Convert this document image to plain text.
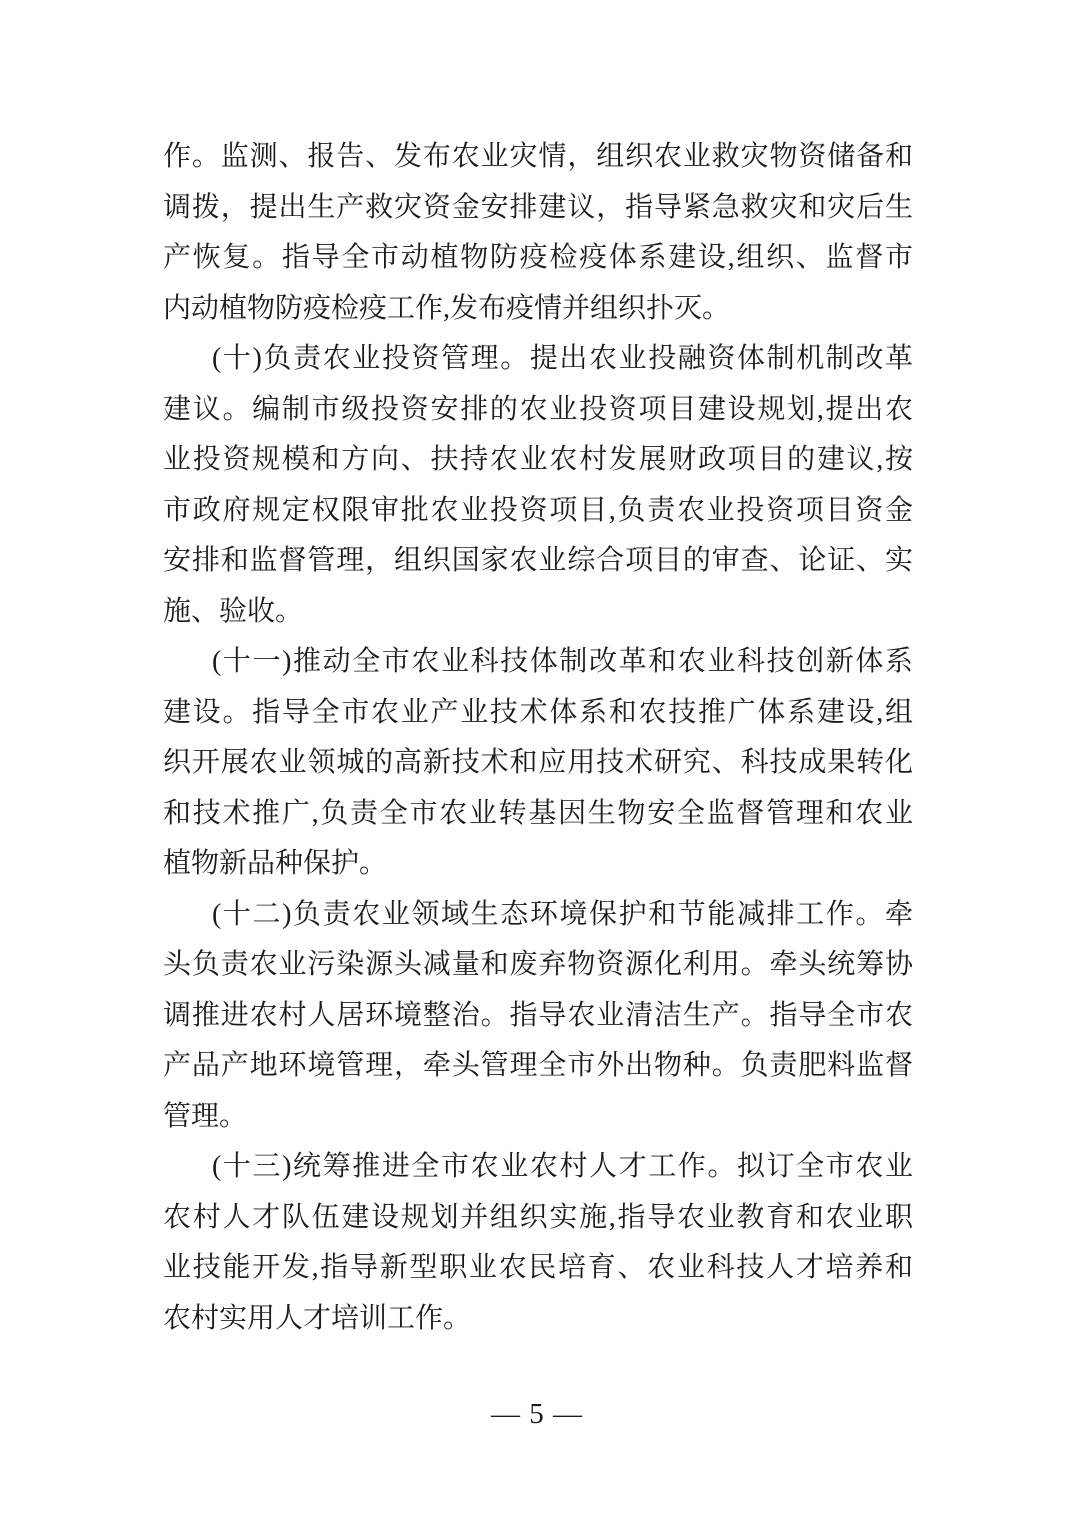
作。监测、报告、发布农业灾情，组织农业救灾物资储备和
调拨，提出生产救灾资金安排建议，指导紧急救灾和灾后生
产恢复。指导全市动植物防疫检疫体系建设,组织、监督市
内动植物防疫检疫工作,发布疫情并组织扑灭。
(十)负责农业投资管理。提出农业投融资体制机制改革
建议。编制市级投资安排的农业投资项目建设规划,提出农
业投资规模和方向、扶持农业农村发展财政项目的建议,按
市政府规定权限审批农业投资项目,负责农业投资项目资金
安排和监督管理，组织国家农业综合项目的审查、论证、实
施、验收。
(十一)推动全市农业科技体制改革和农业科技创新体系
建设。指导全市农业产业技术体系和农技推广体系建设,组
织开展农业领城的高新技术和应用技术研究、科技成果转化
和技术推广,负责全市农业转基因生物安全监督管理和农业
植物新品种保护。
(十二)负责农业领域生态环境保护和节能减排工作。牵
头负责农业污染源头减量和废弃物资源化利用。牵头统筹协
调推进农村人居环境整治。指导农业清洁生产。指导全市农
产品产地环境管理，牵头管理全市外出物种。负责肥料监督
管理。
(十三)统筹推进全市农业农村人才工作。拟订全市农业
农村人才队伍建设规划并组织实施,指导农业教育和农业职
业技能开发,指导新型职业农民培育、农业科技人才培养和
农村实用人才培训工作。
— 5 —
